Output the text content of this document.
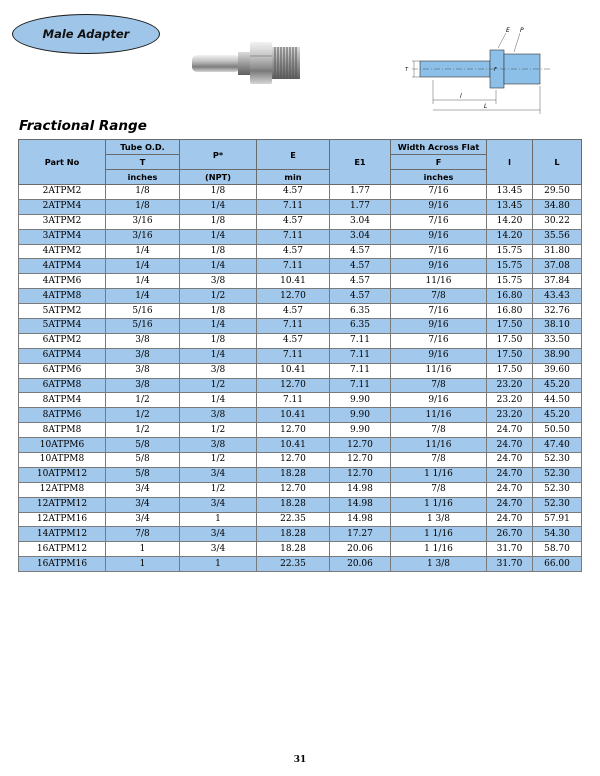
Male Adapter	E P
l
L
T	F
Fractional Range
Part No	Tube O.D.	P*	E	E1	Width Across Flat	l	L
	T				F		
	inches	(NPT)	min		inches		
2ATPM2	1/8	1/8	4.57	1.77	7/16	13.45	29.50
2ATPM4	1/8	1/4	7.11	1.77	9/16	13.45	34.80
3ATPM2	3/16	1/8	4.57	3.04	7/16	14.20	30.22
3ATPM4	3/16	1/4	7.11	3.04	9/16	14.20	35.56
4ATPM2	1/4	1/8	4.57	4.57	7/16	15.75	31.80
4ATPM4	1/4	1/4	7.11	4.57	9/16	15.75	37.08
4ATPM6	1/4	3/8	10.41	4.57	11/16	15.75	37.84
4ATPM8	1/4	1/2	12.70	4.57	7/8	16.80	43.43
5ATPM2	5/16	1/8	4.57	6.35	7/16	16.80	32.76
5ATPM4	5/16	1/4	7.11	6.35	9/16	17.50	38.10
6ATPM2	3/8	1/8	4.57	7.11	7/16	17.50	33.50
6ATPM4	3/8	1/4	7.11	7.11	9/16	17.50	38.90
6ATPM6	3/8	3/8	10.41	7.11	11/16	17.50	39.60
6ATPM8	3/8	1/2	12.70	7.11	7/8	23.20	45.20
8ATPM4	1/2	1/4	7.11	9.90	9/16	23.20	44.50
8ATPM6	1/2	3/8	10.41	9.90	11/16	23.20	45.20
8ATPM8	1/2	1/2	12.70	9.90	7/8	24.70	50.50
10ATPM6	5/8	3/8	10.41	12.70	11/16	24.70	47.40
10ATPM8	5/8	1/2	12.70	12.70	7/8	24.70	52.30
10ATPM12	5/8	3/4	18.28	12.70	1 1/16	24.70	52.30
12ATPM8	3/4	1/2	12.70	14.98	7/8	24.70	52.30
12ATPM12	3/4	3/4	18.28	14.98	1 1/16	24.70	52.30
12ATPM16	3/4	1	22.35	14.98	1 3/8	24.70	57.91
14ATPM12	7/8	3/4	18.28	17.27	1 1/16	26.70	54.30
16ATPM12	1	3/4	18.28	20.06	1 1/16	31.70	58.70
16ATPM16	1	1	22.35	20.06	1 3/8	31.70	66.00
31
